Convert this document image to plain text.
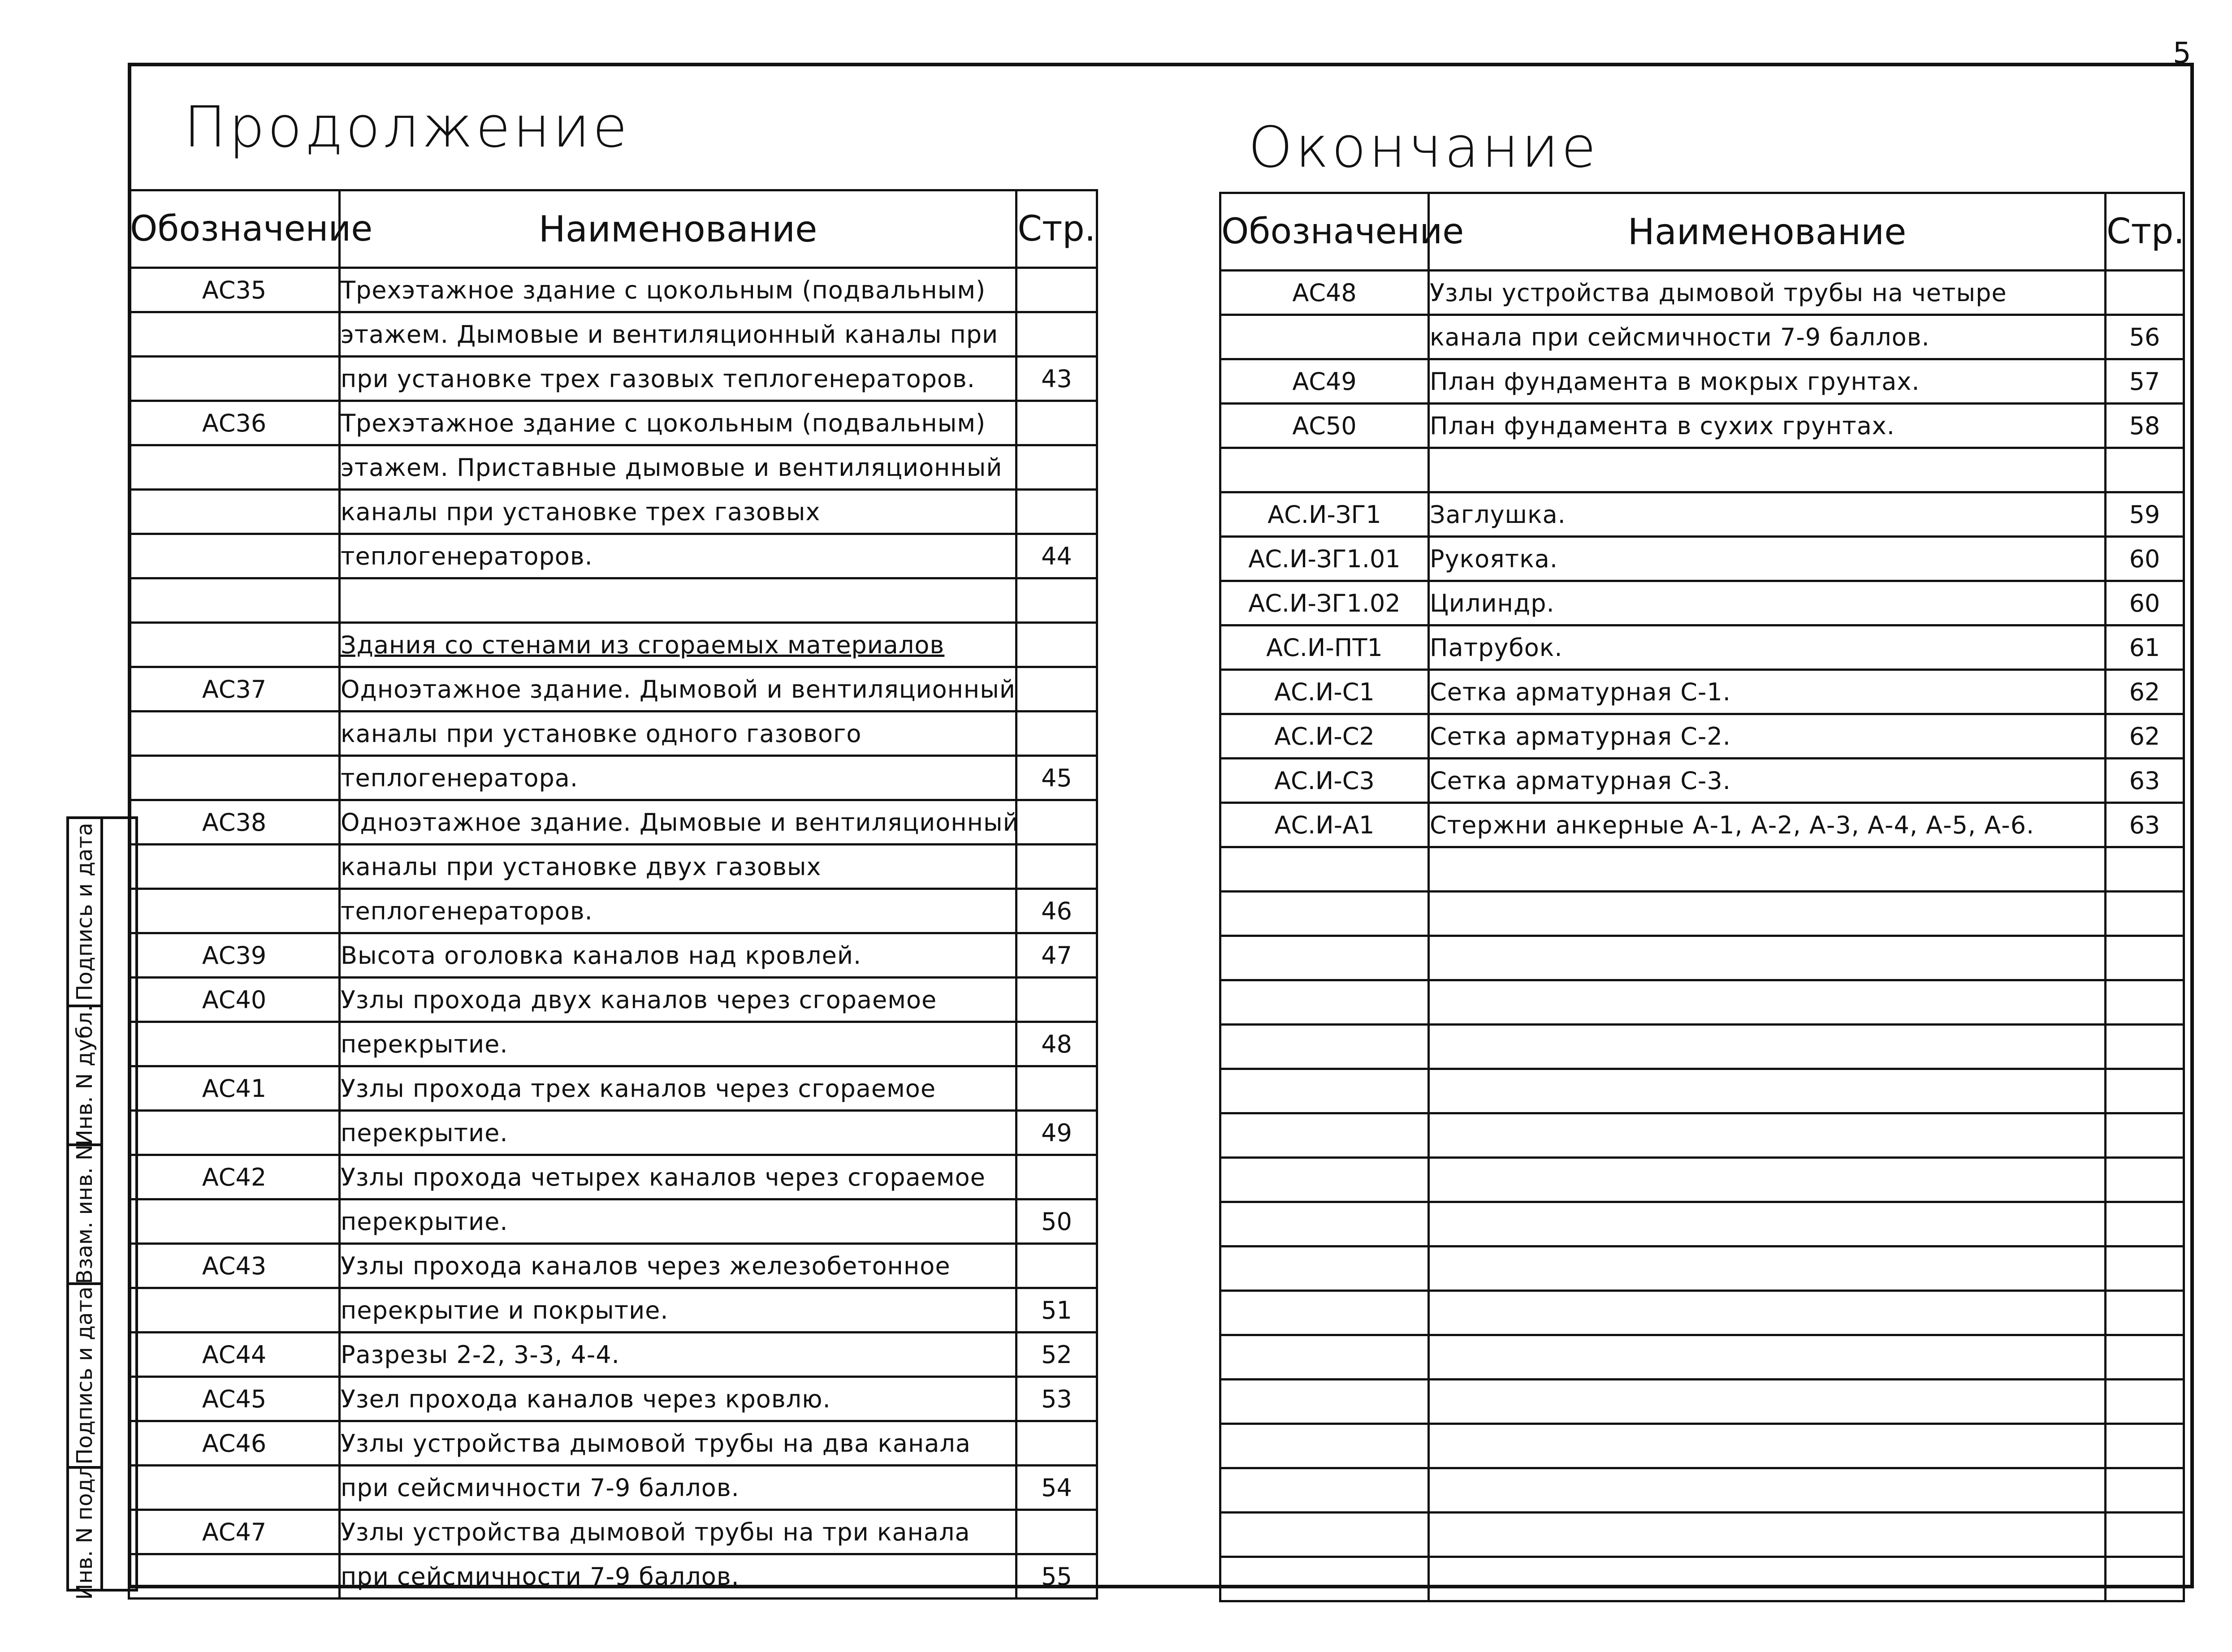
5
Продолжение	Окончание
Обозначение	Наименование	Стр.
АС35	Трехэтажное здание с цокольным (подвальным)	
	этажем. Дымовые и вентиляционный каналы при	
	при установке трех газовых теплогенераторов.	43
АС36	Трехэтажное здание с цокольным (подвальным)	
	этажем. Приставные дымовые и вентиляционный	
	каналы при установке трех газовых	
	теплогенераторов.	44

	Здания со стенами из сгораемых материалов	
АС37	Одноэтажное здание. Дымовой и вентиляционный	
	каналы при установке одного газового	
	теплогенератора.	45
АС38	Одноэтажное здание. Дымовые и вентиляционный	
	каналы при установке двух газовых	
	теплогенераторов.	46
АС39	Высота оголовка каналов над кровлей.	47
АС40	Узлы прохода двух каналов через сгораемое	
	перекрытие.	48
АС41	Узлы прохода трех каналов через сгораемое	
	перекрытие.	49
АС42	Узлы прохода четырех каналов через сгораемое	
	перекрытие.	50
АС43	Узлы прохода каналов через железобетонное	
	перекрытие и покрытие.	51
АС44	Разрезы 2-2, 3-3, 4-4.	52
АС45	Узел прохода каналов через кровлю.	53
АС46	Узлы устройства дымовой трубы на два канала	
	при сейсмичности 7-9 баллов.	54
АС47	Узлы устройства дымовой трубы на три канала	
	при сейсмичности 7-9 баллов.	55
Обозначение	Наименование	Стр.
АС48	Узлы устройства дымовой трубы на четыре	
	канала при сейсмичности 7-9 баллов.	56
АС49	План фундамента в мокрых грунтах.	57
АС50	План фундамента в сухих грунтах.	58

АС.И-ЗГ1	Заглушка.	59
АС.И-ЗГ1.01	Рукоятка.	60
АС.И-ЗГ1.02	Цилиндр.	60
АС.И-ПТ1	Патрубок.	61
АС.И-С1	Сетка арматурная С-1.	62
АС.И-С2	Сетка арматурная С-2.	62
АС.И-С3	Сетка арматурная С-3.	63
АС.И-А1	Стержни анкерные А-1, А-2, А-3, А-4, А-5, А-6.	63

Подпись и дата
Инв. N дубл.
Взам. инв. N
Подпись и дата
Инв. N подл.
